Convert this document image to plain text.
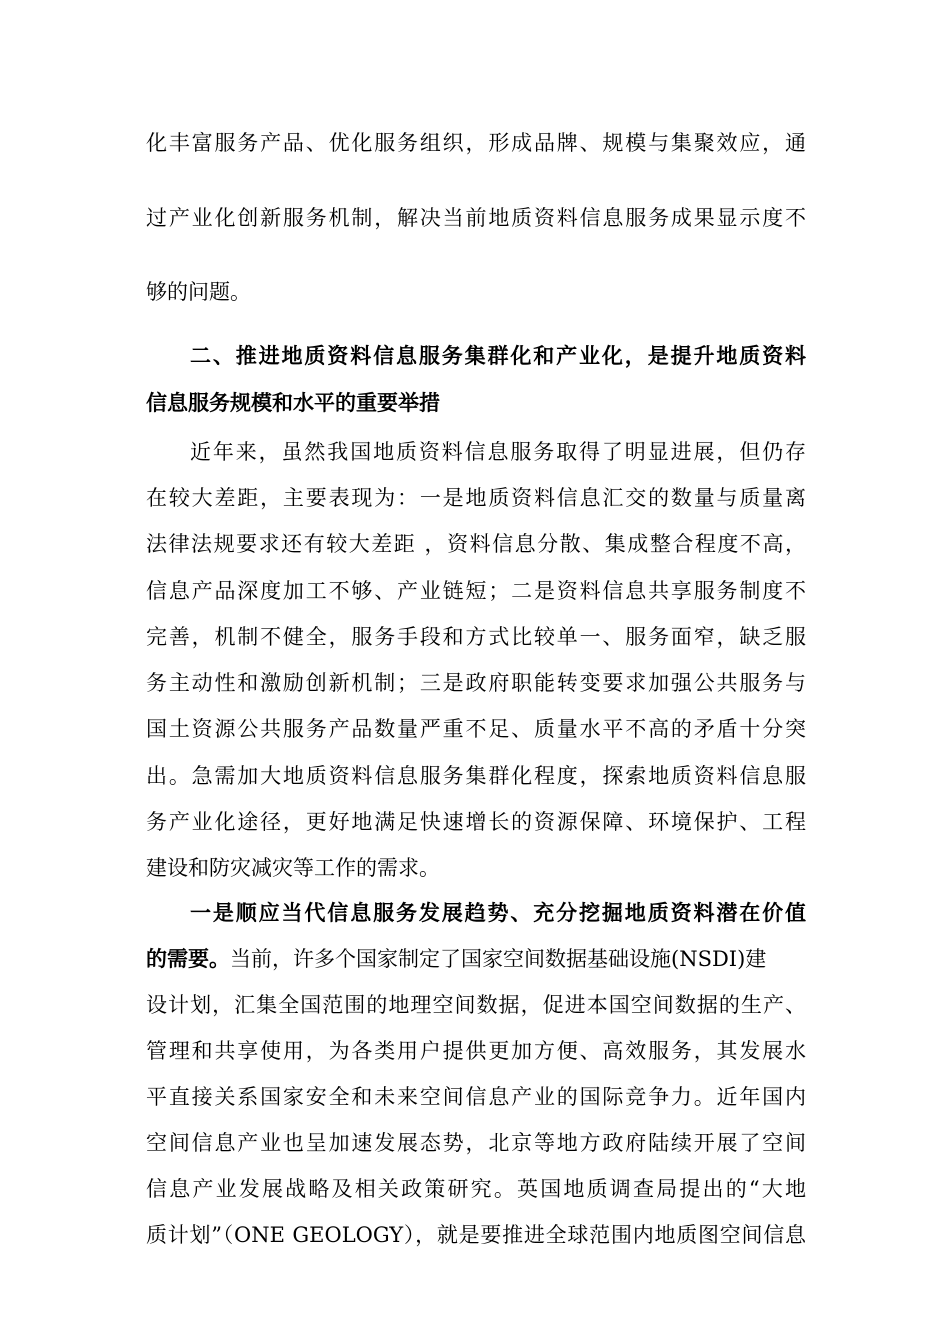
化丰富服务产品、优化服务组织，形成品牌、规模与集聚效应，通
过产业化创新服务机制，解决当前地质资料信息服务成果显示度不
够的问题。
二、推进地质资料信息服务集群化和产业化，是提升地质资料
信息服务规模和水平的重要举措
近年来，虽然我国地质资料信息服务取得了明显进展，但仍存
在较大差距，主要表现为：一是地质资料信息汇交的数量与质量离
法律法规要求还有较大差距 ，资料信息分散、集成整合程度不高，
信息产品深度加工不够、产业链短；二是资料信息共享服务制度不
完善，机制不健全，服务手段和方式比较单一、服务面窄，缺乏服
务主动性和激励创新机制；三是政府职能转变要求加强公共服务与
国土资源公共服务产品数量严重不足、质量水平不高的矛盾十分突
出。急需加大地质资料信息服务集群化程度，探索地质资料信息服
务产业化途径，更好地满足快速增长的资源保障、环境保护、工程
建设和防灾减灾等工作的需求。
一是顺应当代信息服务发展趋势、充分挖掘地质资料潜在价值
的需要。当前，许多个国家制定了国家空间数据基础设施(NSDI)建
设计划，汇集全国范围的地理空间数据，促进本国空间数据的生产、
管理和共享使用，为各类用户提供更加方便、高效服务，其发展水
平直接关系国家安全和未来空间信息产业的国际竞争力。近年国内
空间信息产业也呈加速发展态势，北京等地方政府陆续开展了空间
信息产业发展战略及相关政策研究。英国地质调查局提出的“大地
质计划”（ONE GEOLOGY），就是要推进全球范围内地质图空间信息
